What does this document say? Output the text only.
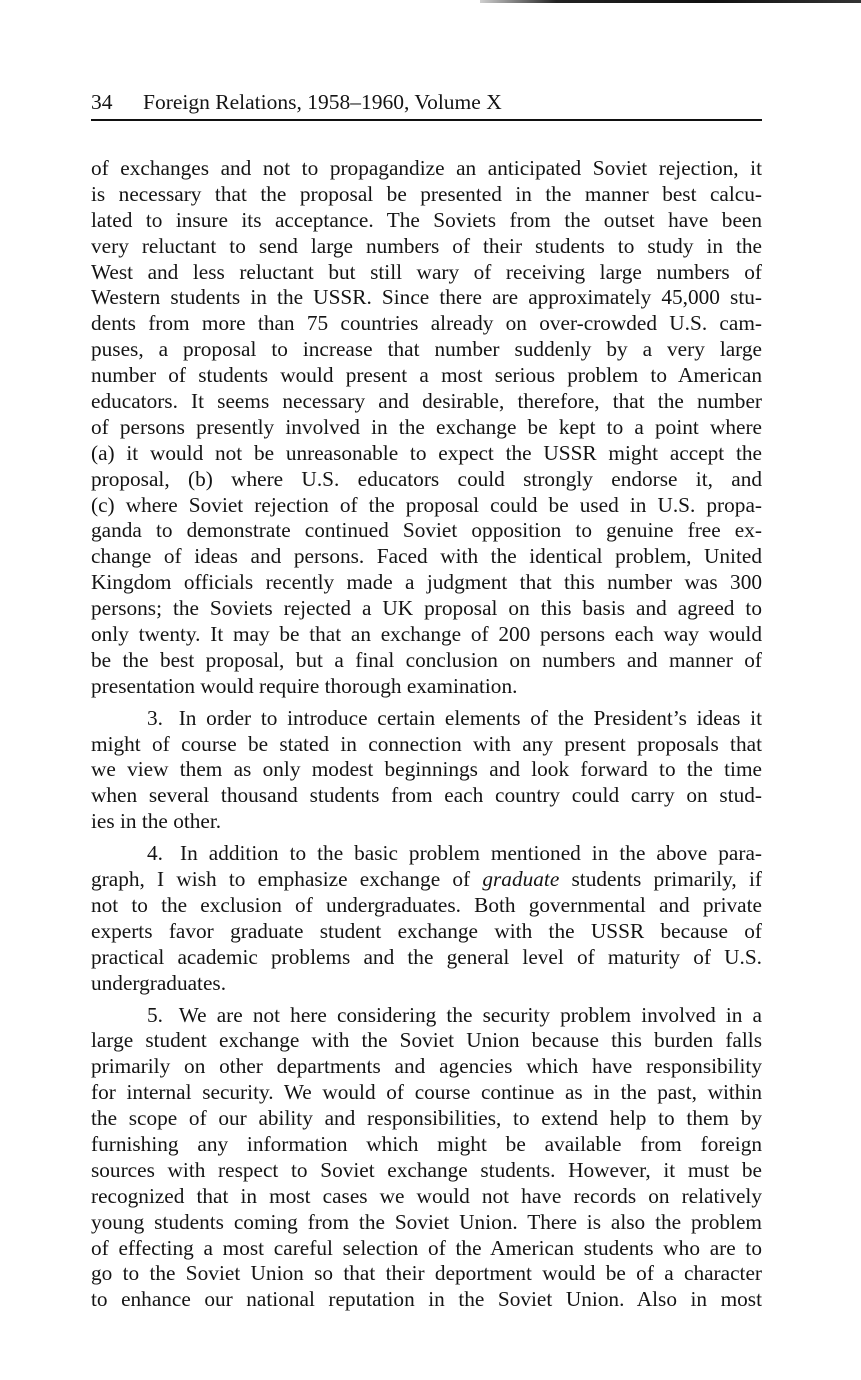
34 Foreign Relations, 1958–1960, Volume X
of exchanges and not to propagandize an anticipated Soviet rejection, it
is necessary that the proposal be presented in the manner best calcu-
lated to insure its acceptance. The Soviets from the outset have been
very reluctant to send large numbers of their students to study in the
West and less reluctant but still wary of receiving large numbers of
Western students in the USSR. Since there are approximately 45,000 stu-
dents from more than 75 countries already on over-crowded U.S. cam-
puses, a proposal to increase that number suddenly by a very large
number of students would present a most serious problem to American
educators. It seems necessary and desirable, therefore, that the number
of persons presently involved in the exchange be kept to a point where
(a) it would not be unreasonable to expect the USSR might accept the
proposal, (b) where U.S. educators could strongly endorse it, and
(c) where Soviet rejection of the proposal could be used in U.S. propa-
ganda to demonstrate continued Soviet opposition to genuine free ex-
change of ideas and persons. Faced with the identical problem, United
Kingdom officials recently made a judgment that this number was 300
persons; the Soviets rejected a UK proposal on this basis and agreed to
only twenty. It may be that an exchange of 200 persons each way would
be the best proposal, but a final conclusion on numbers and manner of
presentation would require thorough examination.
3. In order to introduce certain elements of the President’s ideas it
might of course be stated in connection with any present proposals that
we view them as only modest beginnings and look forward to the time
when several thousand students from each country could carry on stud-
ies in the other.
4. In addition to the basic problem mentioned in the above para-
graph, I wish to emphasize exchange of graduate students primarily, if
not to the exclusion of undergraduates. Both governmental and private
experts favor graduate student exchange with the USSR because of
practical academic problems and the general level of maturity of U.S.
undergraduates.
5. We are not here considering the security problem involved in a
large student exchange with the Soviet Union because this burden falls
primarily on other departments and agencies which have responsibility
for internal security. We would of course continue as in the past, within
the scope of our ability and responsibilities, to extend help to them by
furnishing any information which might be available from foreign
sources with respect to Soviet exchange students. However, it must be
recognized that in most cases we would not have records on relatively
young students coming from the Soviet Union. There is also the problem
of effecting a most careful selection of the American students who are to
go to the Soviet Union so that their deportment would be of a character
to enhance our national reputation in the Soviet Union. Also in most
